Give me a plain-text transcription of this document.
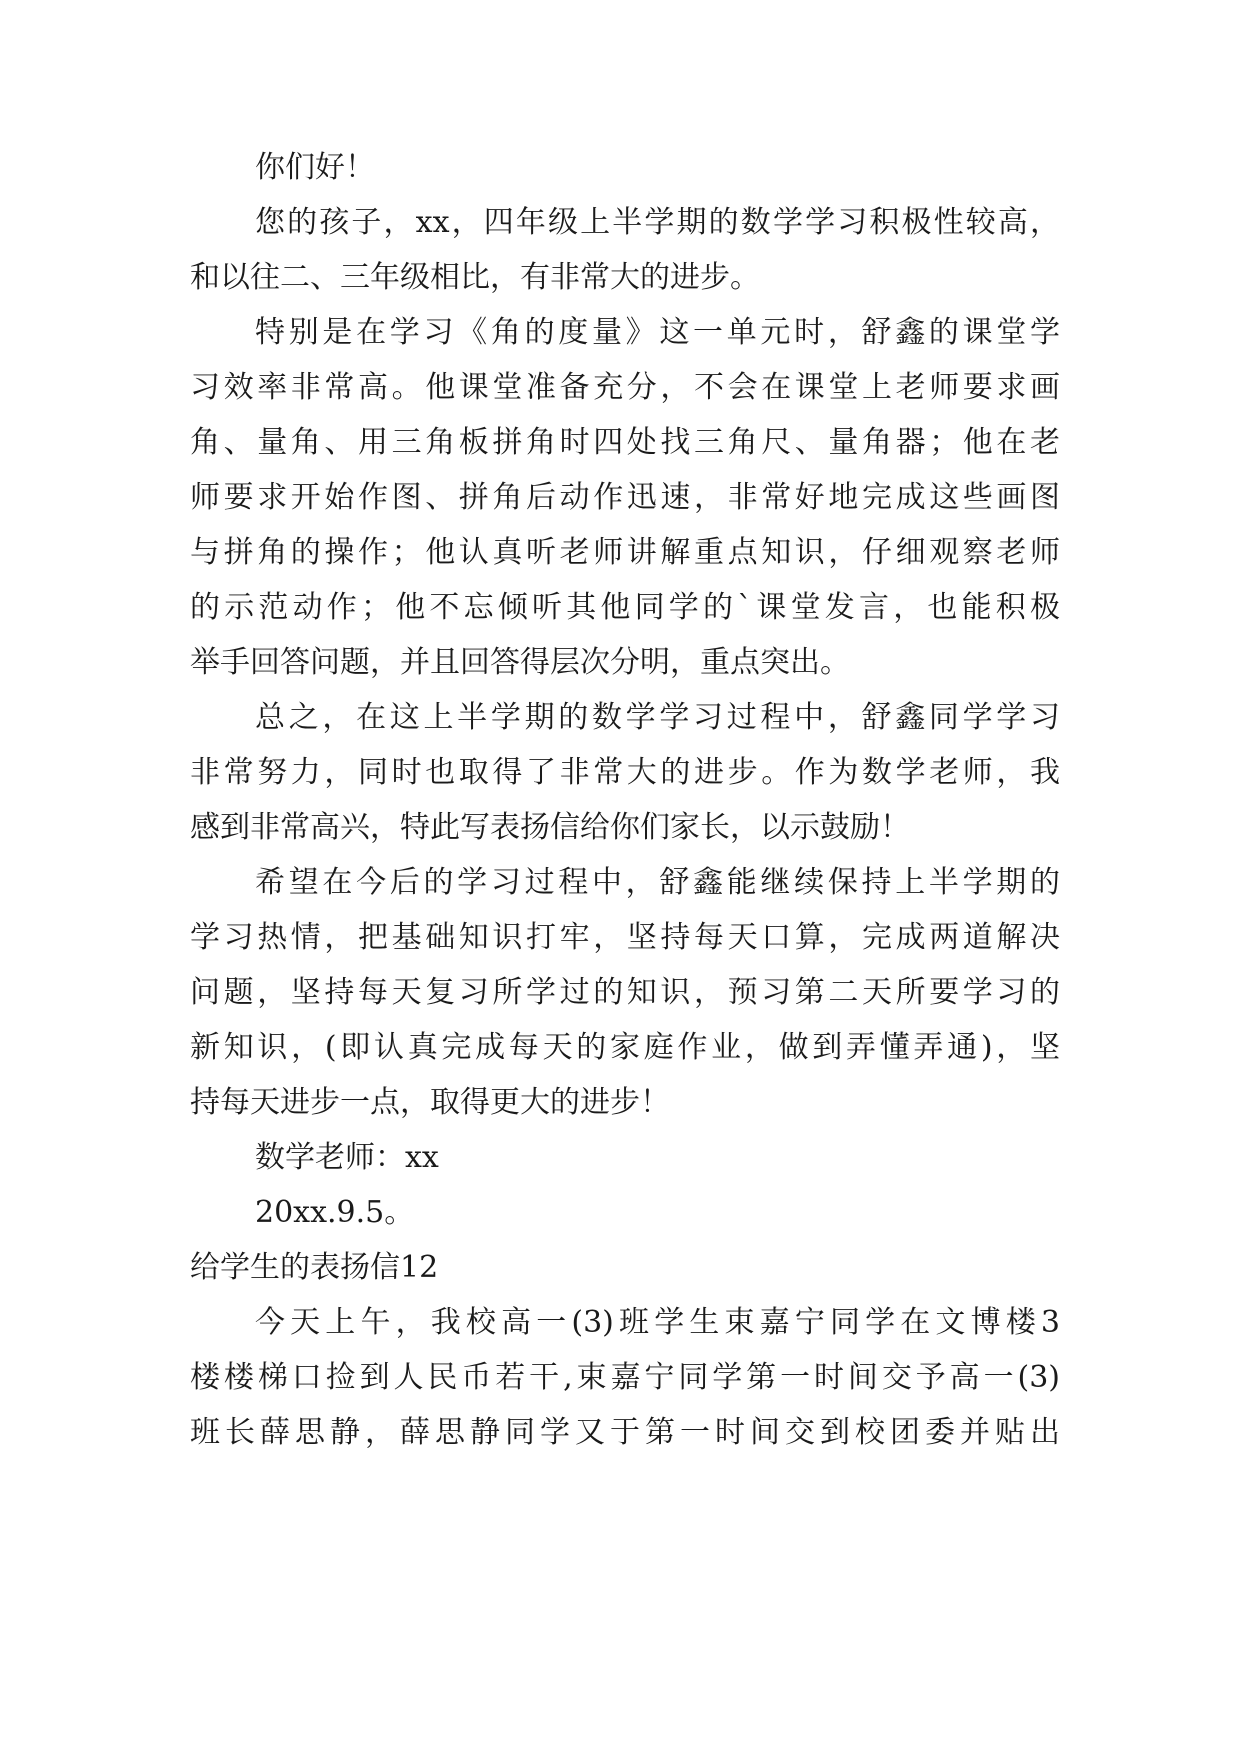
你们好！
您的孩子，xx，四年级上半学期的数学学习积极性较高，
和以往二、三年级相比，有非常大的进步。
特别是在学习《角的度量》这一单元时，舒鑫的课堂学
习效率非常高。他课堂准备充分，不会在课堂上老师要求画
角、量角、用三角板拼角时四处找三角尺、量角器；他在老
师要求开始作图、拼角后动作迅速，非常好地完成这些画图
与拼角的操作；他认真听老师讲解重点知识，仔细观察老师
的示范动作；他不忘倾听其他同学的`课堂发言，也能积极
举手回答问题，并且回答得层次分明，重点突出。
总之，在这上半学期的数学学习过程中，舒鑫同学学习
非常努力，同时也取得了非常大的进步。作为数学老师，我
感到非常高兴，特此写表扬信给你们家长，以示鼓励！
希望在今后的学习过程中，舒鑫能继续保持上半学期的
学习热情，把基础知识打牢，坚持每天口算，完成两道解决
问题，坚持每天复习所学过的知识，预习第二天所要学习的
新知识，(即认真完成每天的家庭作业，做到弄懂弄通)，坚
持每天进步一点，取得更大的进步！
数学老师：xx
20xx.9.5。
给学生的表扬信12
今天上午，我校高一(3)班学生束嘉宁同学在文博楼3
楼楼梯口捡到人民币若干,束嘉宁同学第一时间交予高一(3)
班长薛思静，薛思静同学又于第一时间交到校团委并贴出
